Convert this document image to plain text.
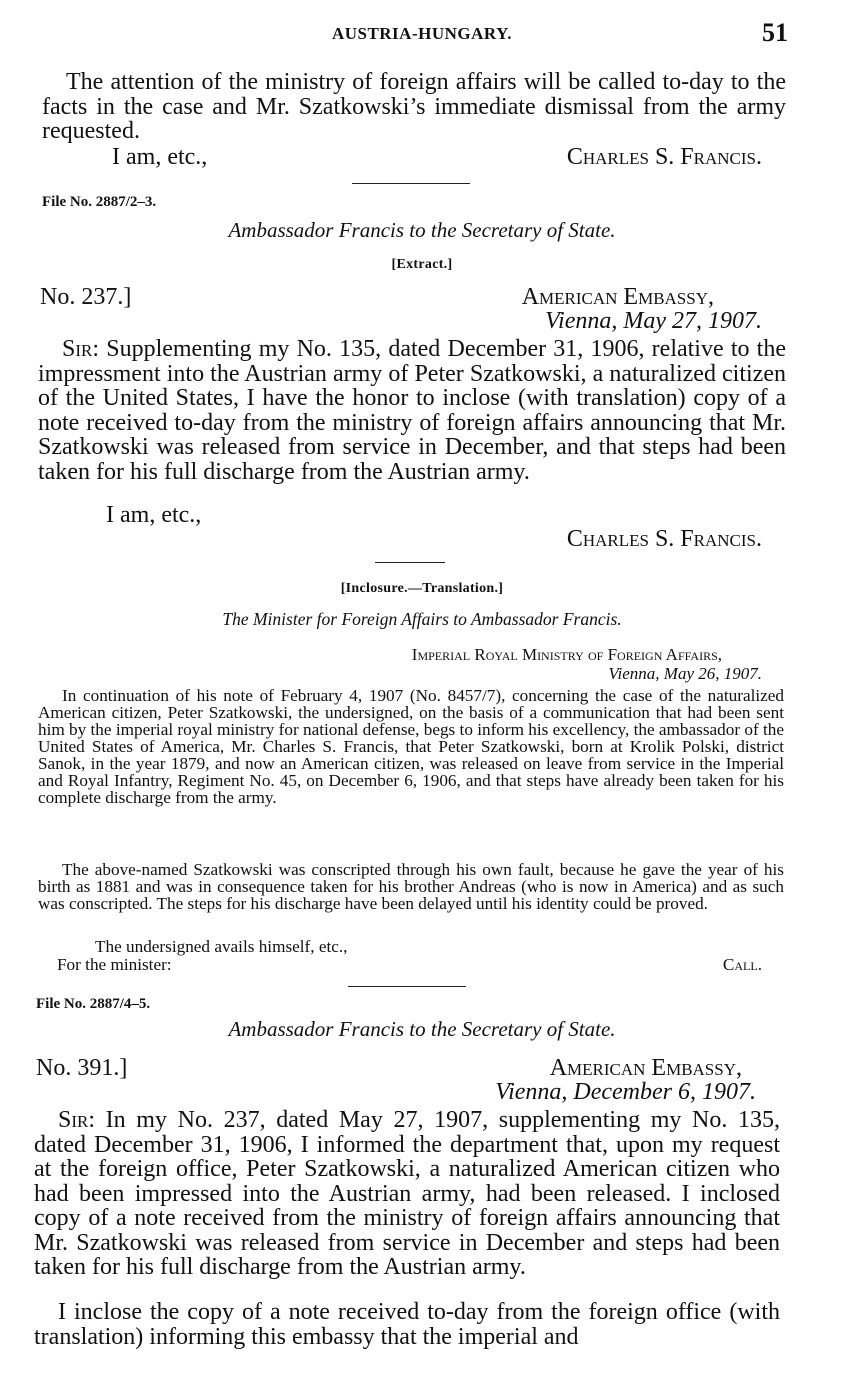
AUSTRIA-HUNGARY.	51

The attention of the ministry of foreign affairs will be called to-day to the facts in the case and Mr. Szatkowski’s immediate dismissal from the army requested.

I am, etc.,	Charles S. Francis.

File No. 2887/2–3.

Ambassador Francis to the Secretary of State.

[Extract.]

No. 237.]	American Embassy,

Vienna, May 27, 1907.

Sir: Supplementing my No. 135, dated December 31, 1906, relative to the impressment into the Austrian army of Peter Szatkowski, a naturalized citizen of the United States, I have the honor to inclose (with translation) copy of a note received to-day from the ministry of foreign affairs announcing that Mr. Szatkowski was released from service in December, and that steps had been taken for his full discharge from the Austrian army.

I am, etc.,

Charles S. Francis.

[Inclosure.—Translation.]

The Minister for Foreign Affairs to Ambassador Francis.

Imperial Royal Ministry of Foreign Affairs,

Vienna, May 26, 1907.

In continuation of his note of February 4, 1907 (No. 8457/7), concerning the case of the naturalized American citizen, Peter Szatkowski, the undersigned, on the basis of a communication that had been sent him by the imperial royal ministry for national defense, begs to inform his excellency, the ambassador of the United States of America, Mr. Charles S. Francis, that Peter Szatkowski, born at Krolik Polski, district Sanok, in the year 1879, and now an American citizen, was released on leave from service in the Imperial and Royal Infantry, Regiment No. 45, on December 6, 1906, and that steps have already been taken for his complete discharge from the army.

The above-named Szatkowski was conscripted through his own fault, because he gave the year of his birth as 1881 and was in consequence taken for his brother Andreas (who is now in America) and as such was conscripted. The steps for his discharge have been delayed until his identity could be proved.

The undersigned avails himself, etc.,

For the minister:	Call.

File No. 2887/4–5.

Ambassador Francis to the Secretary of State.

No. 391.]	American Embassy,

Vienna, December 6, 1907.

Sir: In my No. 237, dated May 27, 1907, supplementing my No. 135, dated December 31, 1906, I informed the department that, upon my request at the foreign office, Peter Szatkowski, a naturalized American citizen who had been impressed into the Austrian army, had been released. I inclosed copy of a note received from the ministry of foreign affairs announcing that Mr. Szatkowski was released from service in December and steps had been taken for his full discharge from the Austrian army.

I inclose the copy of a note received to-day from the foreign office (with translation) informing this embassy that the imperial and
